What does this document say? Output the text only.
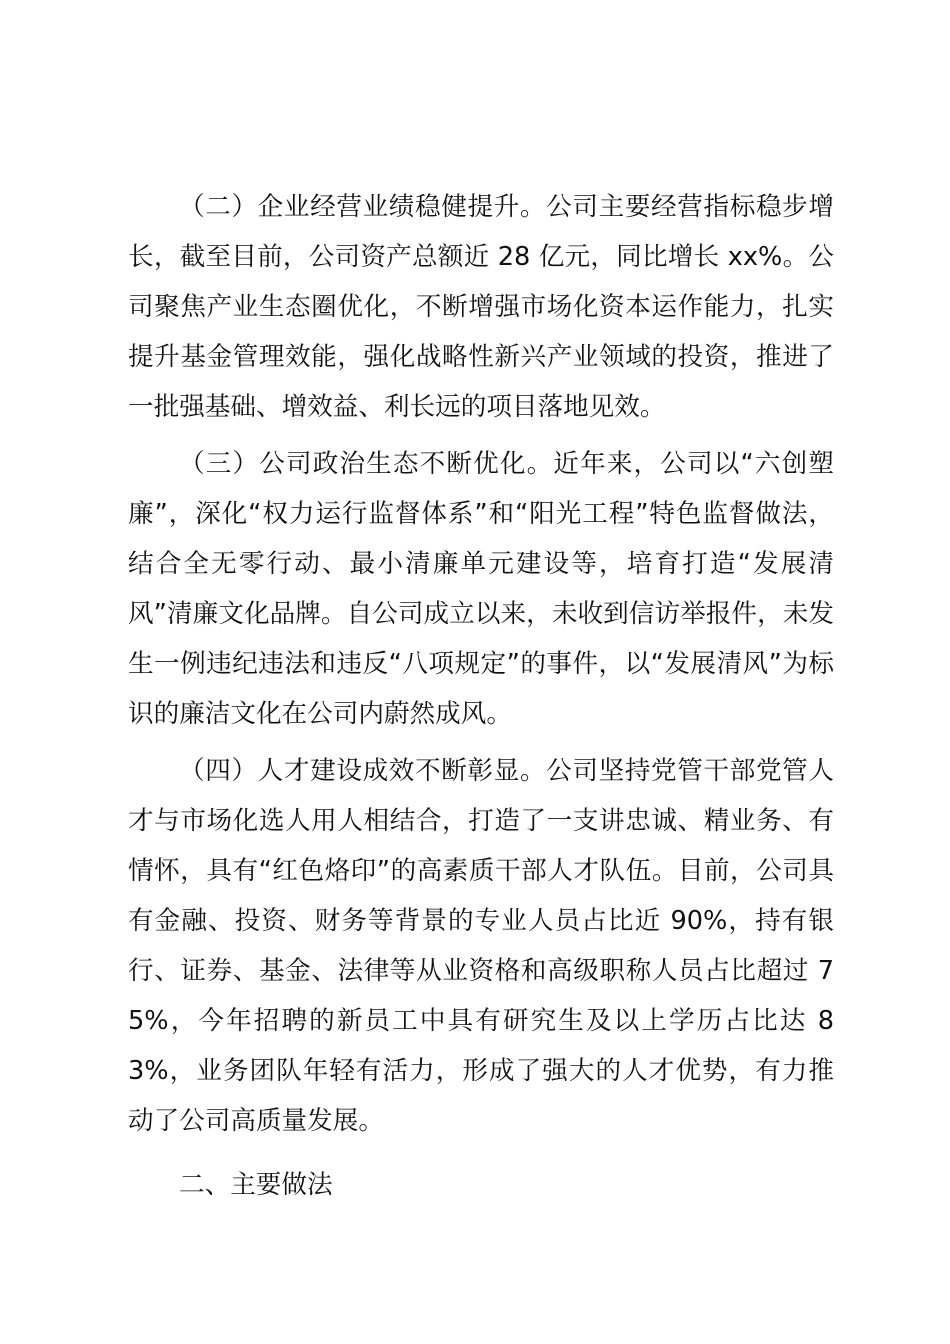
（二）企业经营业绩稳健提升。公司主要经营指标稳步增长，截至目前，公司资产总额近 28 亿元，同比增长 xx%。公司聚焦产业生态圈优化，不断增强市场化资本运作能力，扎实提升基金管理效能，强化战略性新兴产业领域的投资，推进了一批强基础、增效益、利长远的项目落地见效。

（三）公司政治生态不断优化。近年来，公司以“六创塑廉”，深化“权力运行监督体系”和“阳光工程”特色监督做法，结合全无零行动、最小清廉单元建设等，培育打造“发展清风”清廉文化品牌。自公司成立以来，未收到信访举报件，未发生一例违纪违法和违反“八项规定”的事件，以“发展清风”为标识的廉洁文化在公司内蔚然成风。

（四）人才建设成效不断彰显。公司坚持党管干部党管人才与市场化选人用人相结合，打造了一支讲忠诚、精业务、有情怀，具有“红色烙印”的高素质干部人才队伍。目前，公司具有金融、投资、财务等背景的专业人员占比近 90%，持有银行、证券、基金、法律等从业资格和高级职称人员占比超过 75%，今年招聘的新员工中具有研究生及以上学历占比达 83%，业务团队年轻有活力，形成了强大的人才优势，有力推动了公司高质量发展。

二、主要做法
